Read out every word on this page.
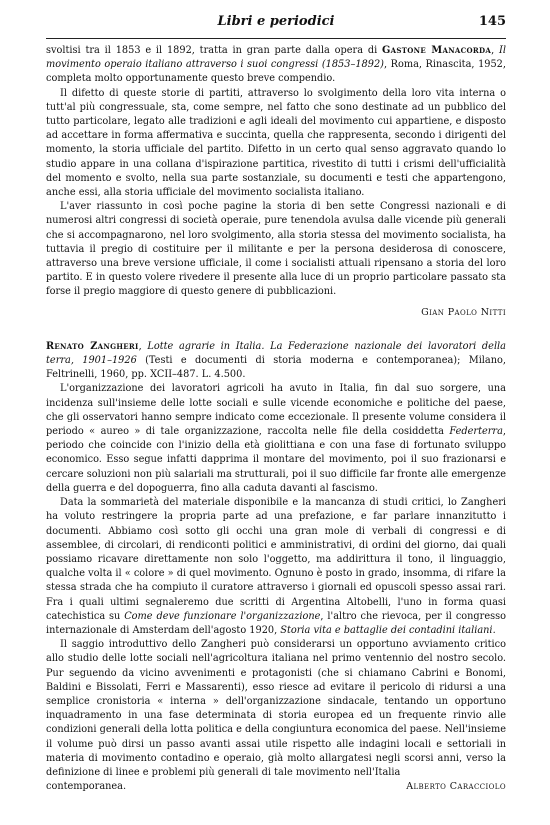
Libri e periodici	145

svoltisi tra il 1853 e il 1892, tratta in gran parte dalla opera di Gastone Manacorda, Il movimento operaio italiano attraverso i suoi congressi (1853–1892), Roma, Rinascita, 1952, completa molto opportunamente questo breve compendio.

Il difetto di queste storie di partiti, attraverso lo svolgimento della loro vita interna o tutt'al più congressuale, sta, come sempre, nel fatto che sono destinate ad un pubblico del tutto particolare, legato alle tradizioni e agli ideali del movimento cui appartiene, e disposto ad accettare in forma affermativa e succinta, quella che rappresenta, secondo i dirigenti del momento, la storia ufficiale del partito. Difetto in un certo qual senso aggravato quando lo studio appare in una collana d'ispirazione partitica, rivestito di tutti i crismi dell'ufficialità del momento e svolto, nella sua parte sostanziale, su documenti e testi che appartengono, anche essi, alla storia ufficiale del movimento socialista italiano.

L'aver riassunto in così poche pagine la storia di ben sette Congressi nazionali e di numerosi altri congressi di società operaie, pure tenendola avulsa dalle vicende più generali che si accompagnarono, nel loro svolgimento, alla storia stessa del movimento socialista, ha tuttavia il pregio di costituire per il militante e per la persona desiderosa di conoscere, attraverso una breve versione ufficiale, il come i socialisti attuali ripensano a storia del loro partito. E in questo volere rivedere il presente alla luce di un proprio particolare passato sta forse il pregio maggiore di questo genere di pubblicazioni.

Gian Paolo Nitti

Renato Zangheri, Lotte agrarie in Italia. La Federazione nazionale dei lavoratori della terra, 1901–1926 (Testi e documenti di storia moderna e contemporanea); Milano, Feltrinelli, 1960, pp. XCII–487. L. 4.500.

L'organizzazione dei lavoratori agricoli ha avuto in Italia, fin dal suo sorgere, una incidenza sull'insieme delle lotte sociali e sulle vicende economiche e politiche del paese, che gli osservatori hanno sempre indicato come eccezionale. Il presente volume considera il periodo « aureo » di tale organizzazione, raccolta nelle file della cosiddetta Federterra, periodo che coincide con l'inizio della età giolittiana e con una fase di fortunato sviluppo economico. Esso segue infatti dapprima il montare del movimento, poi il suo frazionarsi e cercare soluzioni non più salariali ma strutturali, poi il suo difficile far fronte alle emergenze della guerra e del dopoguerra, fino alla caduta davanti al fascismo.

Data la sommarietà del materiale disponibile e la mancanza di studi critici, lo Zangheri ha voluto restringere la propria parte ad una prefazione, e far parlare innanzitutto i documenti. Abbiamo così sotto gli occhi una gran mole di verbali di congressi e di assemblee, di circolari, di rendiconti politici e amministrativi, di ordini del giorno, dai quali possiamo ricavare direttamente non solo l'oggetto, ma addirittura il tono, il linguaggio, qualche volta il « colore » di quel movimento. Ognuno è posto in grado, insomma, di rifare la stessa strada che ha compiuto il curatore attraverso i giornali ed opuscoli spesso assai rari. Fra i quali ultimi segnaleremo due scritti di Argentina Altobelli, l'uno in forma quasi catechistica su Come deve funzionare l'organizzazione, l'altro che rievoca, per il congresso internazionale di Amsterdam dell'agosto 1920, Storia vita e battaglie dei contadini italiani.

Il saggio introduttivo dello Zangheri può considerarsi un opportuno avviamento critico allo studio delle lotte sociali nell'agricoltura italiana nel primo ventennio del nostro secolo. Pur seguendo da vicino avvenimenti e protagonisti (che si chiamano Cabrini e Bonomi, Baldini e Bissolati, Ferri e Massarenti), esso riesce ad evitare il pericolo di ridursi a una semplice cronistoria « interna » dell'organizzazione sindacale, tentando un opportuno inquadramento in una fase determinata di storia europea ed un frequente rinvio alle condizioni generali della lotta politica e della congiuntura economica del paese. Nell'insieme il volume può dirsi un passo avanti assai utile rispetto alle indagini locali e settoriali in materia di movimento contadino e operaio, già molto allargatesi negli scorsi anni, verso la definizione di linee e problemi più generali di tale movimento nell'Italia

contemporanea.	Alberto Caracciolo
